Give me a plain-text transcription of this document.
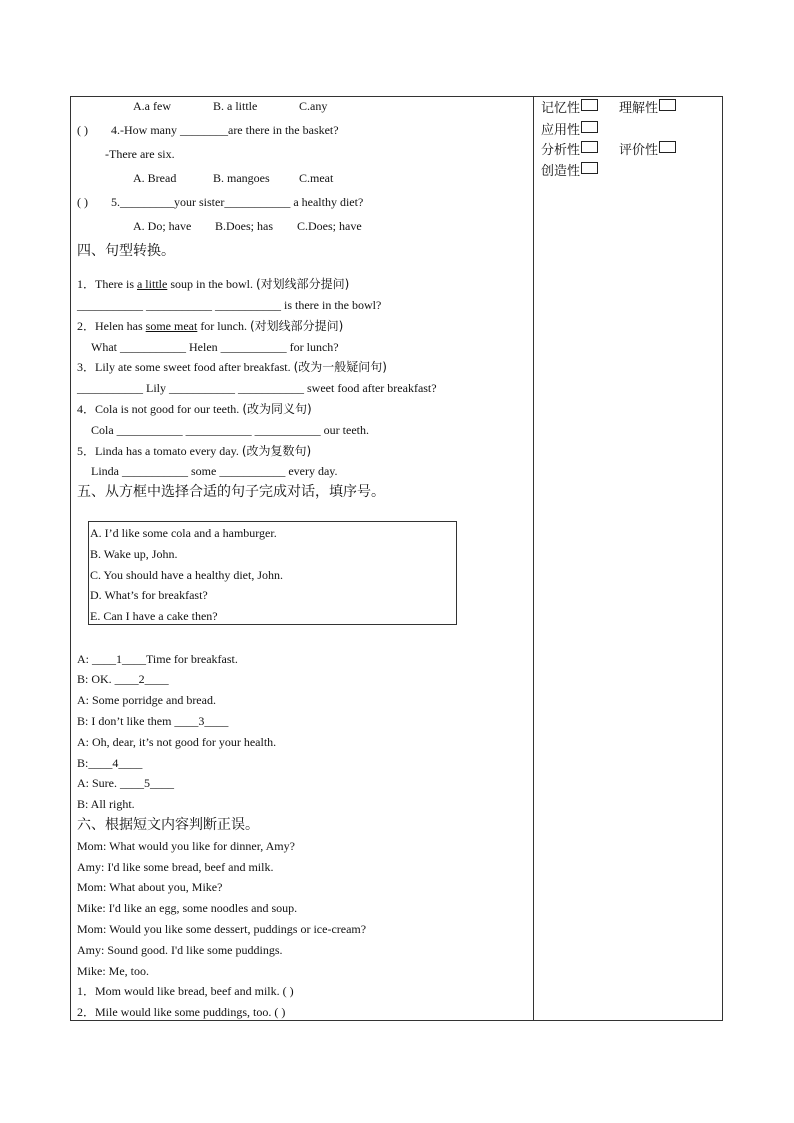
A.a few	B. a little	C.any
( ) 4.-How many ________are there in the basket?
-There are six.
A. Bread	B. mangoes C.meat
( ) 5._________your sister___________ a healthy diet?
A. Do; have B.Does; has C.Does; have
四、句型转换。
1．There is a little soup in the bowl. (对划线部分提问)
___________ ___________ ___________ is there in the bowl?
2．Helen has some meat for lunch. (对划线部分提问)
What ___________ Helen ___________ for lunch?
3．Lily ate some sweet food after breakfast. (改为一般疑问句)
___________ Lily ___________ ___________ sweet food after breakfast?
4．Cola is not good for our teeth. (改为同义句)
Cola ___________ ___________ ___________ our teeth.
5．Linda has a tomato every day. (改为复数句)
Linda ___________ some ___________ every day.
五、从方框中选择合适的句子完成对话，填序号。
A. I’d like some cola and a hamburger.
B. Wake up, John.
C. You should have a healthy diet, John.
D. What’s for breakfast?
E. Can I have a cake then?
A: ____1____Time for breakfast.
B: OK. ____2____
A: Some porridge and bread.
B: I don’t like them ____3____
A: Oh, dear, it’s not good for your health.
B:____4____
A: Sure. ____5____
B: All right.
六、根据短文内容判断正误。
Mom: What would you like for dinner, Amy?
Amy: I'd like some bread, beef and milk.
Mom: What about you, Mike?
Mike: I'd like an egg, some noodles and soup.
Mom: Would you like some dessert, puddings or ice-cream?
Amy: Sound good. I'd like some puddings.
Mike: Me, too.
1．Mom would like bread, beef and milk. ( )
2．Mile would like some puddings, too. ( )
记忆性	理解性
应用性
分析性	评价性
创造性
